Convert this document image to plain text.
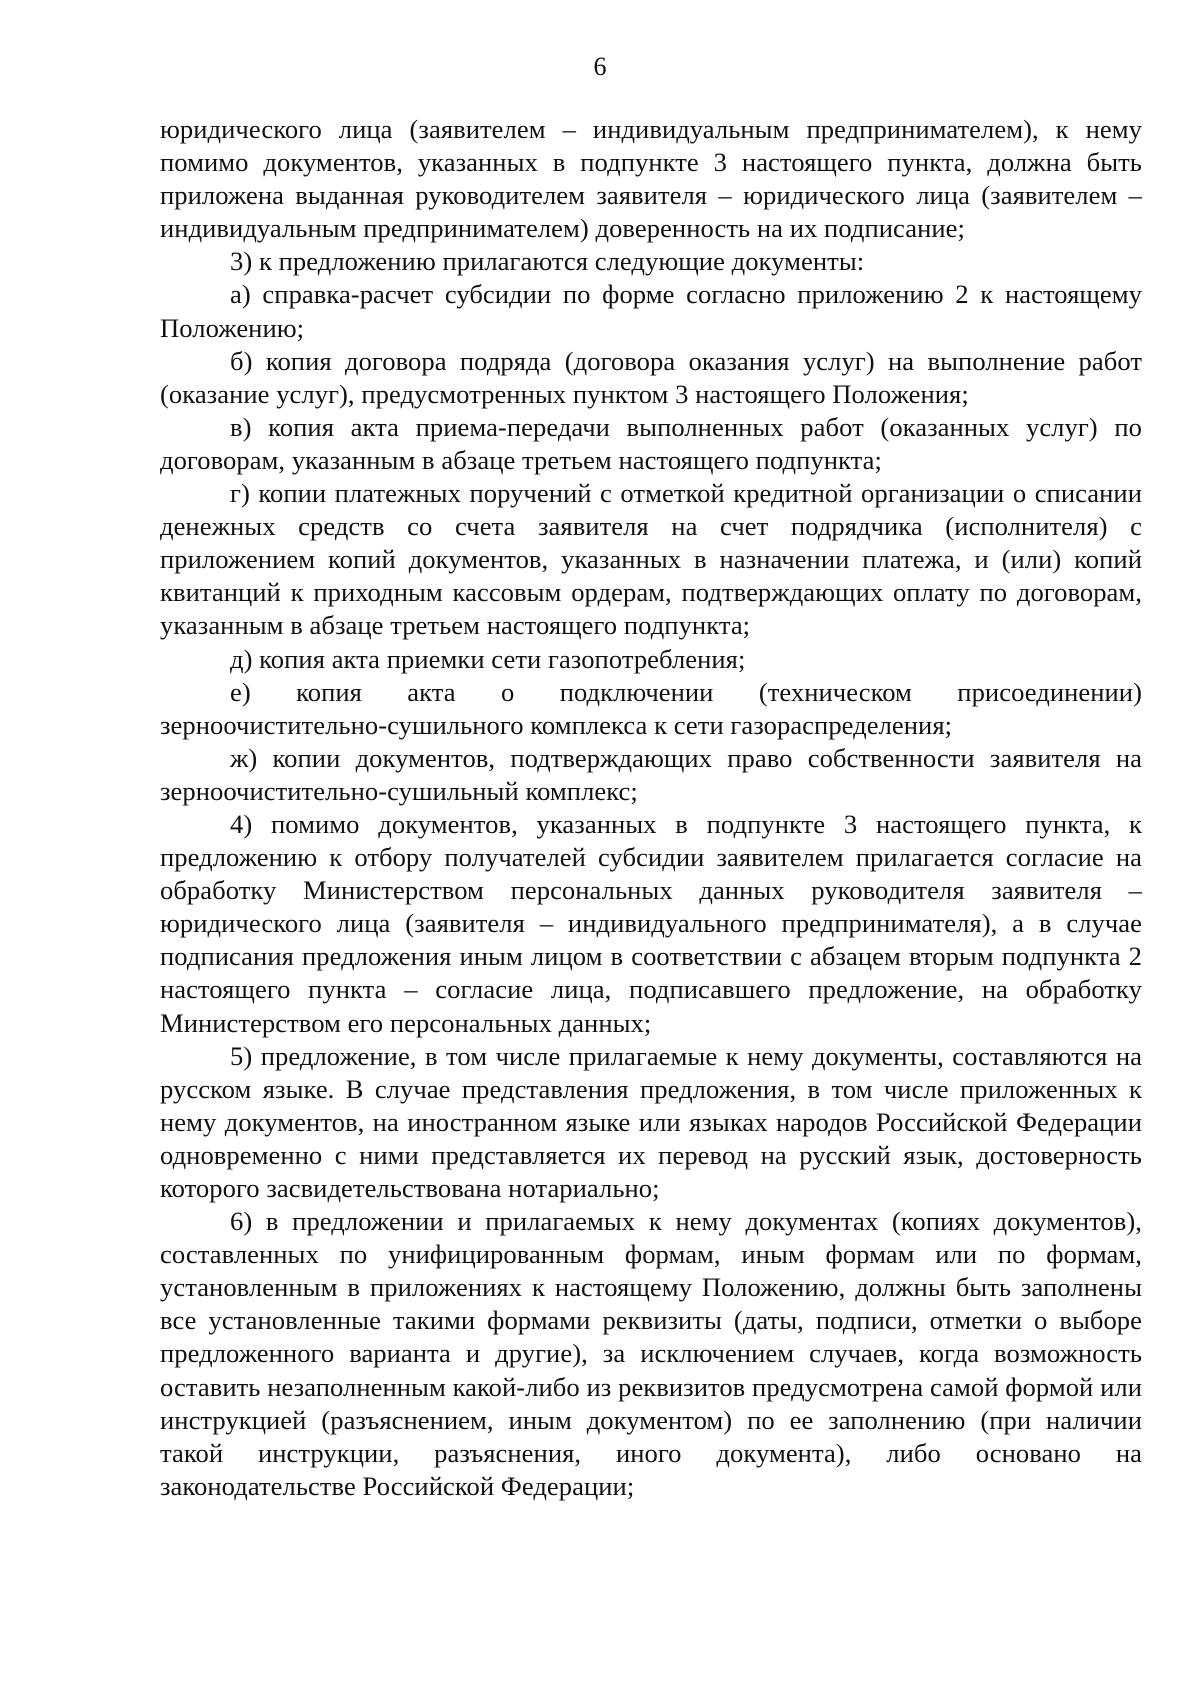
6

юридического лица (заявителем – индивидуальным предпринимателем), к нему помимо документов, указанных в подпункте 3 настоящего пункта, должна быть приложена выданная руководителем заявителя – юридического лица (заявителем – индивидуальным предпринимателем) доверенность на их подписание;

3) к предложению прилагаются следующие документы:

а) справка-расчет субсидии по форме согласно приложению 2 к настоящему Положению;

б) копия договора подряда (договора оказания услуг) на выполнение работ (оказание услуг), предусмотренных пунктом 3 настоящего Положения;

в) копия акта приема-передачи выполненных работ (оказанных услуг) по договорам, указанным в абзаце третьем настоящего подпункта;

г) копии платежных поручений с отметкой кредитной организации о списании денежных средств со счета заявителя на счет подрядчика (исполнителя) с приложением копий документов, указанных в назначении платежа, и (или) копий квитанций к приходным кассовым ордерам, подтверждающих оплату по договорам, указанным в абзаце третьем настоящего подпункта;

д) копия акта приемки сети газопотребления;

е) копия акта о подключении (техническом присоединении) зерноочистительно-сушильного комплекса к сети газораспределения;

ж) копии документов, подтверждающих право собственности заявителя на зерноочистительно-сушильный комплекс;

4) помимо документов, указанных в подпункте 3 настоящего пункта, к предложению к отбору получателей субсидии заявителем прилагается согласие на обработку Министерством персональных данных руководителя заявителя – юридического лица (заявителя – индивидуального предпринимателя), а в случае подписания предложения иным лицом в соответствии с абзацем вторым подпункта 2 настоящего пункта – согласие лица, подписавшего предложение, на обработку Министерством его персональных данных;

5) предложение, в том числе прилагаемые к нему документы, составляются на русском языке. В случае представления предложения, в том числе приложенных к нему документов, на иностранном языке или языках народов Российской Федерации одновременно с ними представляется их перевод на русский язык, достоверность которого засвидетельствована нотариально;

6) в предложении и прилагаемых к нему документах (копиях документов), составленных по унифицированным формам, иным формам или по формам, установленным в приложениях к настоящему Положению, должны быть заполнены все установленные такими формами реквизиты (даты, подписи, отметки о выборе предложенного варианта и другие), за исключением случаев, когда возможность оставить незаполненным какой-либо из реквизитов предусмотрена самой формой или инструкцией (разъяснением, иным документом) по ее заполнению (при наличии такой инструкции, разъяснения, иного документа), либо основано на законодательстве Российской Федерации;
